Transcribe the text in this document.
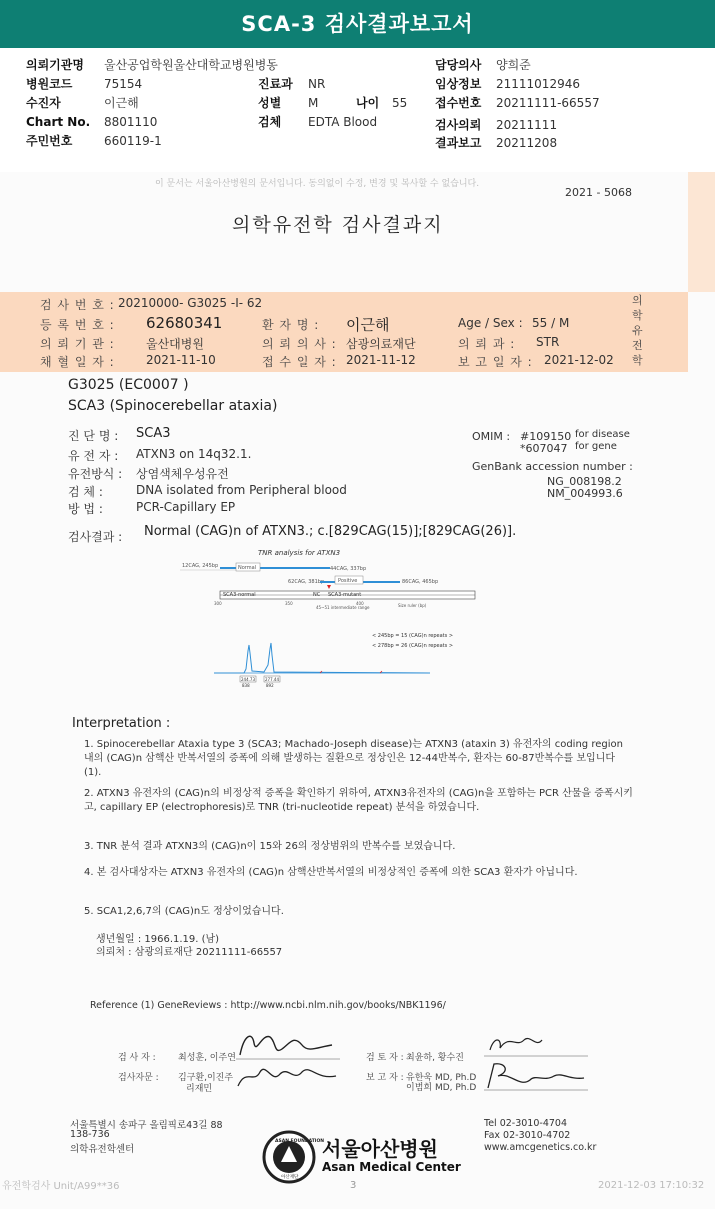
SCA-3 검사결과보고서
의뢰기관명 울산공업학원울산대학교병원병동
병원코드	75154
수진자	이근해
Chart No. 8801110
주민번호	660119-1
진료과 NR
성별 M	나이 55
검체 EDTA Blood
담당의사 양희준
임상정보 21111012946
접수번호 20211111-66557
검사의뢰 20211111
결과보고 20211208
이 문서는 서울아산병원의 문서입니다. 동의없이 수정, 변경 및 복사할 수 없습니다.
2021 - 5068
의학유전학 검사결과지
검 사 번 호 : 20210000- G3025 -I- 62
등 록 번 호 : 62680341	환 자 명 : 이근해	Age / Sex : 55 / M
의 뢰 기 관 :	울산대병원	의 뢰 의 사 : 삼광의료재단	의 뢰 과 : STR
채 혈 일 자 :	2021-11-10	접 수 일 자 : 2021-11-12	보 고 일 자 : 2021-12-02
의
학
유
전
학
G3025 (EC0007 )
SCA3 (Spinocerebellar ataxia)
진 단 명 : SCA3
유 전 자 : ATXN3 on 14q32.1.
유전방식 : 상염색체우성유전
검 체 :	DNA isolated from Peripheral blood
방 법 :	PCR-Capillary EP
OMIM : #109150 for disease
*607047 for gene
GenBank accession number :
NG_008198.2
NM_004993.6
검사결과 : Normal (CAG)n of ATXN3.; c.[829CAG(15)];[829CAG(26)].
TNR analysis for ATXN3
12CAG, 245bp	Normal	44CAG, 337bp
62CAG, 381bp	Positive	86CAG, 465bp
SCA3-normal	NC SCA3-mutant
300	350	400	Size ruler (bp)
45~51 intermediate range
< 245bp = 15 (CAG)n repeats >
< 278bp = 26 (CAG)n repeats >
244.73
838
277.44
892
Interpretation :
1. Spinocerebellar Ataxia type 3 (SCA3; Machado-Joseph disease)는 ATXN3 (ataxin 3) 유전자의 coding region 내의 (CAG)n 삼핵산 반복서열의 증폭에 의해 발생하는 질환으로 정상인은 12-44반복수, 환자는 60-87반복수를 보입니다 (1).
2. ATXN3 유전자의 (CAG)n의 비정상적 증폭을 확인하기 위하여, ATXN3유전자의 (CAG)n을 포함하는 PCR 산물을 증폭시키고, capillary EP (electrophoresis)로 TNR (tri-nucleotide repeat) 분석을 하였습니다.
3. TNR 분석 결과 ATXN3의 (CAG)n이 15와 26의 정상범위의 반복수를 보였습니다.
4. 본 검사대상자는 ATXN3 유전자의 (CAG)n 삼핵산반복서열의 비정상적인 증폭에 의한 SCA3 환자가 아닙니다.
5. SCA1,2,6,7의 (CAG)n도 정상이었습니다.
생년월일 : 1966.1.19. (남)
의뢰처 : 삼광의료재단 20211111-66557
Reference (1) GeneReviews : http://www.ncbi.nlm.nih.gov/books/NBK1196/
검 사 자 : 최성훈, 이주연	검 토 자 : 최윤하, 황수진
검사자문 : 김구환,이진주
리재민
보 고 자 : 유한욱 MD, Ph.D
이범희 MD, Ph.D
서울특별시 송파구 올림픽로43길 88
138-736
의학유전학센터
ASAN FOUNDATION
아산재단
서울아산병원
Asan Medical Center
Tel 02-3010-4704
Fax 02-3010-4702
www.amcgenetics.co.kr
유전학검사 Unit/A99**36	3	2021-12-03 17:10:32
